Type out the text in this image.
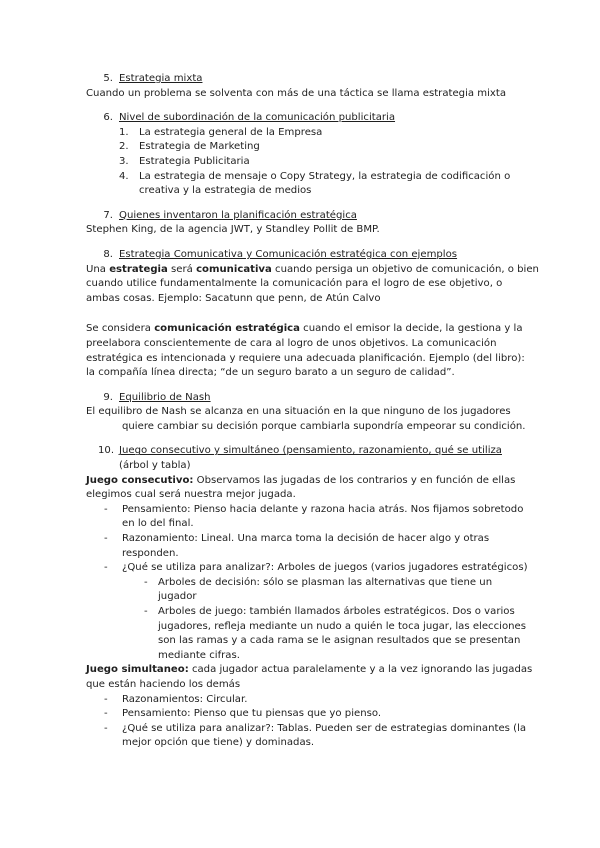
5. Estrategia mixta
Cuando un problema se solventa con más de una táctica se llama estrategia mixta
6. Nivel de subordinación de la comunicación publicitaria
1. La estrategia general de la Empresa
2. Estrategia de Marketing
3. Estrategia Publicitaria
4. La estrategia de mensaje o Copy Strategy, la estrategia de codificación o
creativa y la estrategia de medios
7. Quienes inventaron la planificación estratégica
Stephen King, de la agencia JWT, y Standley Pollit de BMP.
8. Estrategia Comunicativa y Comunicación estratégica con ejemplos
Una estrategia será comunicativa cuando persiga un objetivo de comunicación, o bien
cuando utilice fundamentalmente la comunicación para el logro de ese objetivo, o
ambas cosas. Ejemplo: Sacatunn que penn, de Atún Calvo
Se considera comunicación estratégica cuando el emisor la decide, la gestiona y la
preelabora conscientemente de cara al logro de unos objetivos. La comunicación
estratégica es intencionada y requiere una adecuada planificación. Ejemplo (del libro):
la compañía línea directa; “de un seguro barato a un seguro de calidad”.
9. Equilibrio de Nash
El equilibro de Nash se alcanza en una situación en la que ninguno de los jugadores
quiere cambiar su decisión porque cambiarla supondría empeorar su condición.
10. Juego consecutivo y simultáneo (pensamiento, razonamiento, qué se utiliza
(árbol y tabla)
Juego consecutivo: Observamos las jugadas de los contrarios y en función de ellas
elegimos cual será nuestra mejor jugada.
-	Pensamiento: Pienso hacia delante y razona hacia atrás. Nos fijamos sobretodo
en lo del final.
-	Razonamiento: Lineal. Una marca toma la decisión de hacer algo y otras
responden.
-	¿Qué se utiliza para analizar?: Arboles de juegos (varios jugadores estratégicos)
-	Arboles de decisión: sólo se plasman las alternativas que tiene un
jugador
-	Arboles de juego: también llamados árboles estratégicos. Dos o varios
jugadores, refleja mediante un nudo a quién le toca jugar, las elecciones
son las ramas y a cada rama se le asignan resultados que se presentan
mediante cifras.
Juego simultaneo: cada jugador actua paralelamente y a la vez ignorando las jugadas
que están haciendo los demás
-	Razonamientos: Circular.
-	Pensamiento: Pienso que tu piensas que yo pienso.
-	¿Qué se utiliza para analizar?: Tablas. Pueden ser de estrategias dominantes (la
mejor opción que tiene) y dominadas.
